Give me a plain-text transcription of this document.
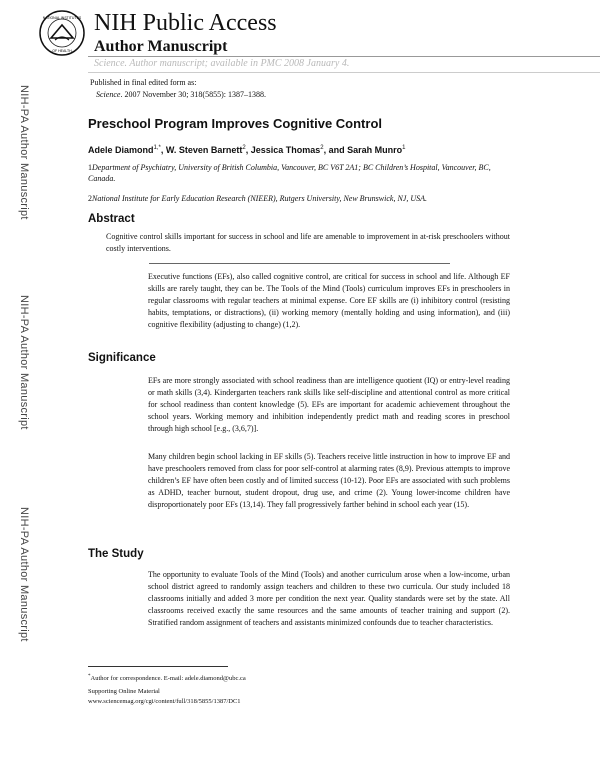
NATIONAL INSTITUTES
OF HEALTH
NIH Public Access
Author Manuscript
Science. Author manuscript; available in PMC 2008 January 4.
Published in final edited form as:
Science. 2007 November 30; 318(5855): 1387–1388.
NIH-PA Author Manuscript
NIH-PA Author Manuscript
NIH-PA Author Manuscript
Preschool Program Improves Cognitive Control
Adele Diamond$^{1,*}$, W. Steven Barnett$^2$, Jessica Thomas$^2$, and Sarah Munro$^1$
1Department of Psychiatry, University of British Columbia, Vancouver, BC V6T 2A1; BC Children’s Hospital, Vancouver, BC, Canada.
2National Institute for Early Education Research (NIEER), Rutgers University, New Brunswick, NJ, USA.
Abstract
Cognitive control skills important for success in school and life are amenable to improvement in at-risk preschoolers without costly interventions.
Executive functions (EFs), also called cognitive control, are critical for success in school and life. Although EF skills are rarely taught, they can be. The Tools of the Mind (Tools) curriculum improves EFs in preschoolers in regular classrooms with regular teachers at minimal expense. Core EF skills are (i) inhibitory control (resisting habits, temptations, or distractions), (ii) working memory (mentally holding and using information), and (iii) cognitive flexibility (adjusting to change) (1,2).
Significance
EFs are more strongly associated with school readiness than are intelligence quotient (IQ) or entry-level reading or math skills (3,4). Kindergarten teachers rank skills like self-discipline and attentional control as more critical for school readiness than content knowledge (5). EFs are important for academic achievement throughout the school years. Working memory and inhibition independently predict math and reading scores in preschool through high school [e.g., (3,6,7)].
Many children begin school lacking in EF skills (5). Teachers receive little instruction in how to improve EF and have preschoolers removed from class for poor self-control at alarming rates (8,9). Previous attempts to improve children’s EF have often been costly and of limited success (10-12). Poor EFs are associated with such problems as ADHD, teacher burnout, student dropout, drug use, and crime (2). Young lower-income children have disproportionately poor EFs (13,14). They fall progressively farther behind in school each year (15).
The Study
The opportunity to evaluate Tools of the Mind (Tools) and another curriculum arose when a low-income, urban school district agreed to randomly assign teachers and children to these two curricula. Our study included 18 classrooms initially and added 3 more per condition the next year. Quality standards were set by the state. All classrooms received exactly the same resources and the same amounts of teacher training and support (2). Stratified random assignment of teachers and assistants minimized confounds due to teacher characteristics.
*Author for correspondence. E-mail: adele.diamond@ubc.ca
Supporting Online Material
www.sciencemag.org/cgi/content/full/318/5855/1387/DC1
